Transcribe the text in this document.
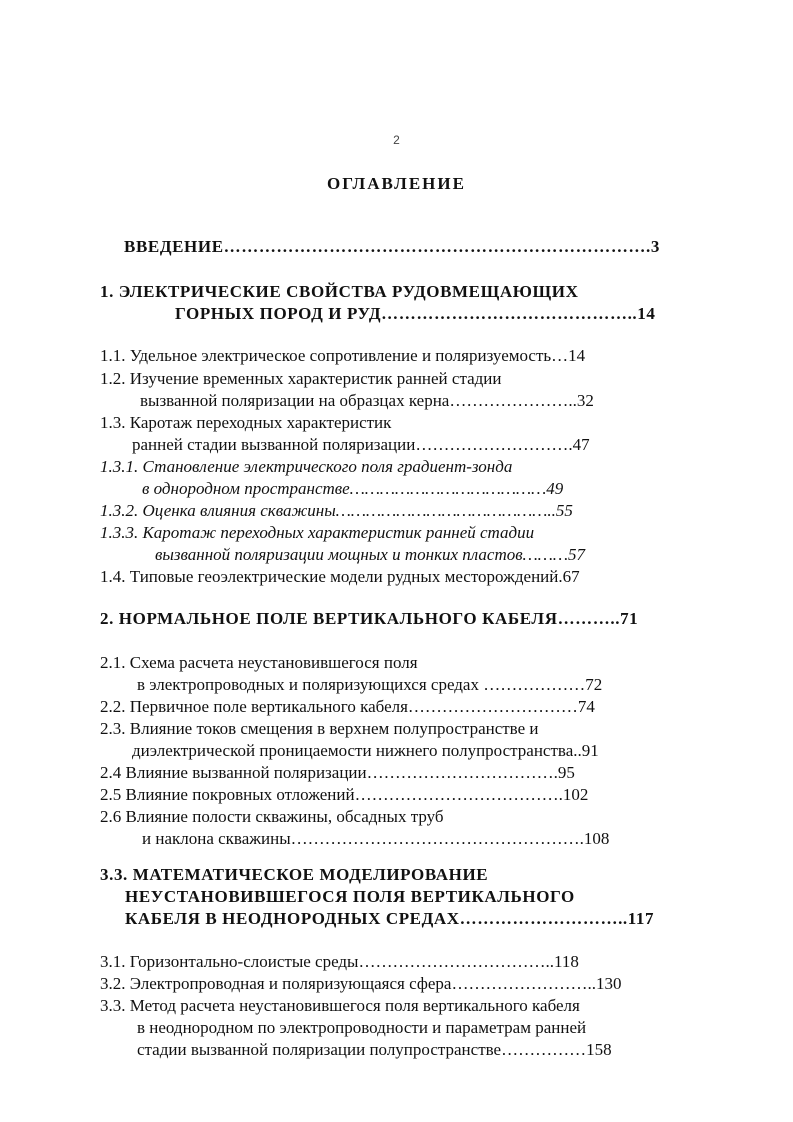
2
ОГЛАВЛЕНИЕ
ВВЕДЕНИЕ……………………………………………………………….3
1. ЭЛЕКТРИЧЕСКИЕ СВОЙСТВА РУДОВМЕЩАЮЩИХ
ГОРНЫХ ПОРОД И РУД……………………………………..14
1.1. Удельное электрическое сопротивление и поляризуемость…14
1.2. Изучение временных характеристик ранней стадии
вызванной поляризации на образцах керна…………………..32
1.3. Каротаж переходных характеристик
ранней стадии вызванной поляризации……………………….47
1.3.1. Становление электрического поля градиент-зонда
в однородном пространстве…………………………………49
1.3.2. Оценка влияния скважины……………………………………..55
1.3.3. Каротаж переходных характеристик ранней стадии
вызванной поляризации мощных и тонких пластов………57
1.4. Типовые геоэлектрические модели рудных месторождений.67
2. НОРМАЛЬНОЕ ПОЛЕ ВЕРТИКАЛЬНОГО КАБЕЛЯ………..71
2.1. Схема расчета неустановившегося поля
в электропроводных и поляризующихся средах ………………72
2.2. Первичное поле вертикального кабеля…………………………74
2.3. Влияние токов смещения в верхнем полупространстве и
диэлектрической проницаемости нижнего полупространства..91
2.4 Влияние вызванной поляризации…………………………….95
2.5 Влияние покровных отложений……………………………….102
2.6 Влияние полости скважины, обсадных труб
и наклона скважины…………………………………………….108
3.3. МАТЕМАТИЧЕСКОЕ МОДЕЛИРОВАНИЕ
НЕУСТАНОВИВШЕГОСЯ ПОЛЯ ВЕРТИКАЛЬНОГО
КАБЕЛЯ В НЕОДНОРОДНЫХ СРЕДАХ………………………..117
3.1. Горизонтально-слоистые среды……………………………..118
3.2. Электропроводная и поляризующаяся сфера……………………..130
3.3. Метод расчета неустановившегося поля вертикального кабеля
в неоднородном по электропроводности и параметрам ранней
стадии вызванной поляризации полупространстве……………158
